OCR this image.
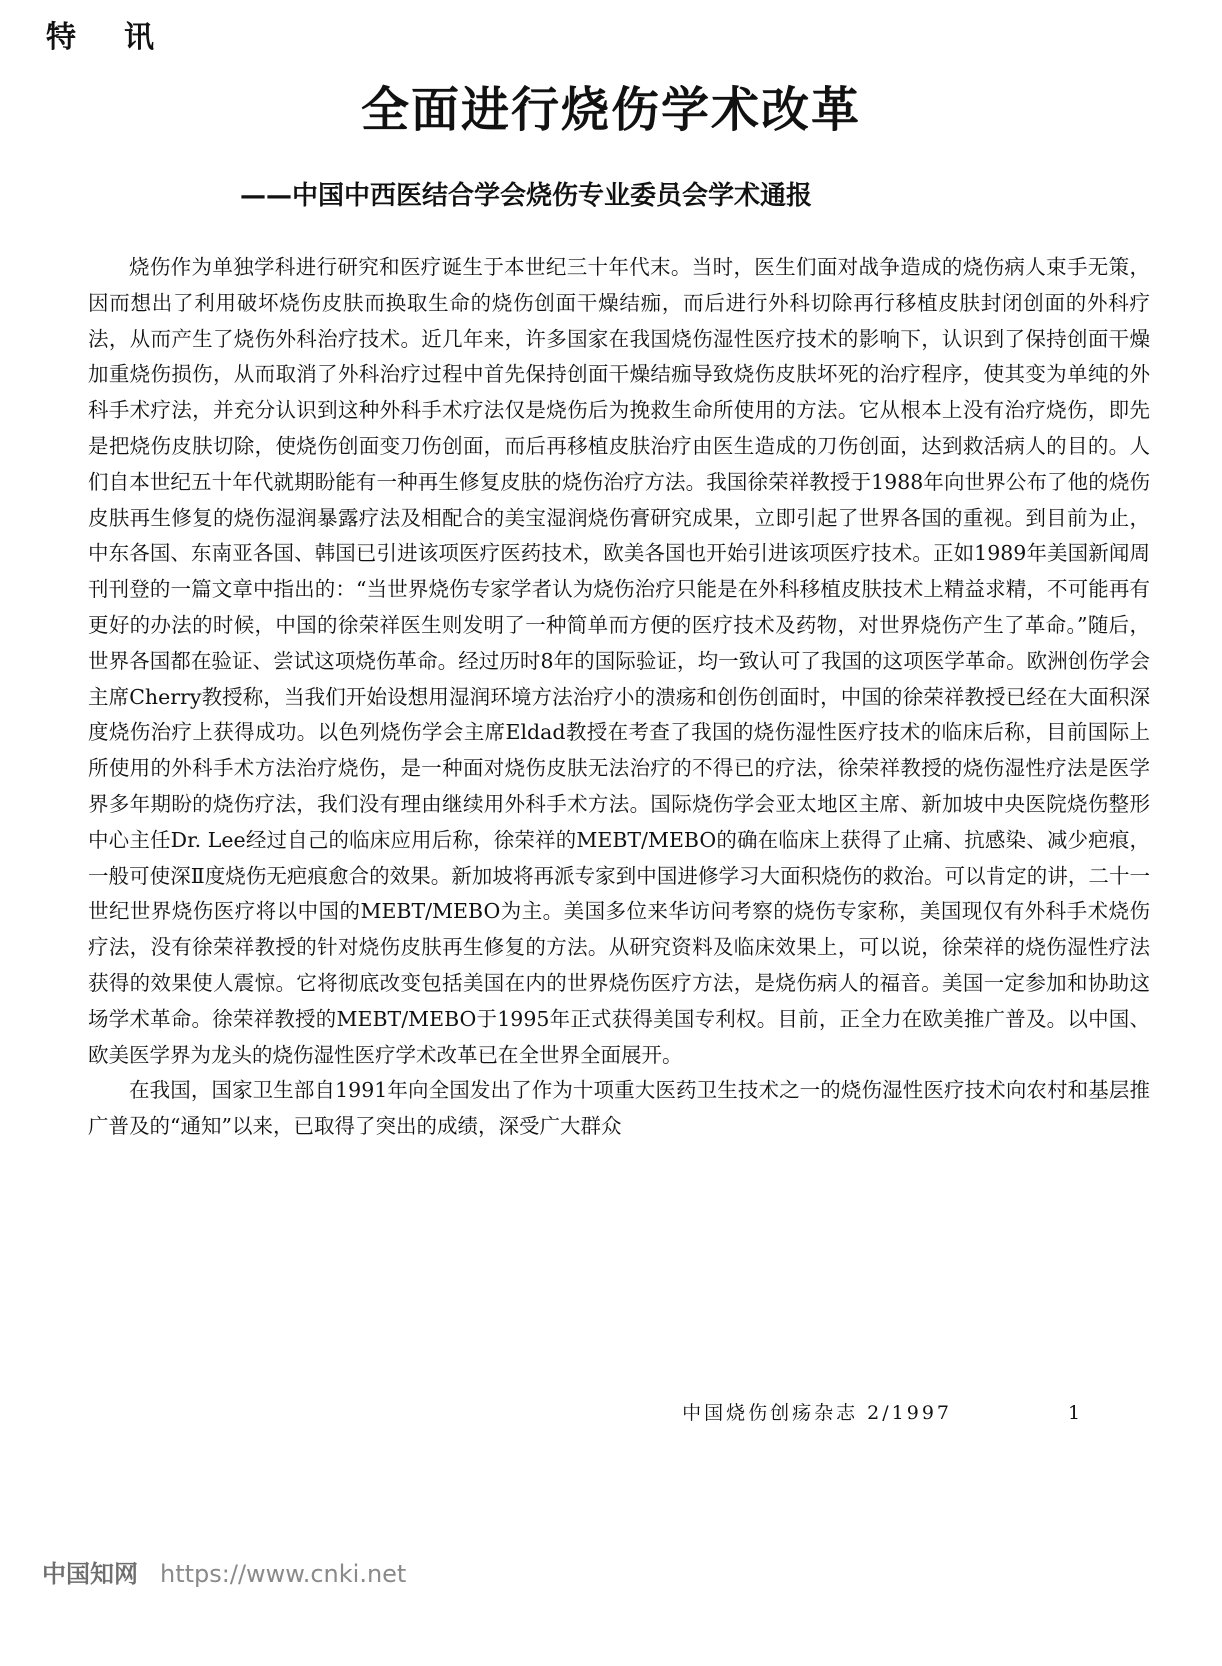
特讯
全面进行烧伤学术改革
——中国中西医结合学会烧伤专业委员会学术通报

烧伤作为单独学科进行研究和医疗诞生于本世纪三十年代末。当时，医生们面对战争造成的烧伤病人束手无策，因而想出了利用破坏烧伤皮肤而换取生命的烧伤创面干燥结痂，而后进行外科切除再行移植皮肤封闭创面的外科疗法，从而产生了烧伤外科治疗技术。近几年来，许多国家在我国烧伤湿性医疗技术的影响下，认识到了保持创面干燥加重烧伤损伤，从而取消了外科治疗过程中首先保持创面干燥结痂导致烧伤皮肤坏死的治疗程序，使其变为单纯的外科手术疗法，并充分认识到这种外科手术疗法仅是烧伤后为挽救生命所使用的方法。它从根本上没有治疗烧伤，即先是把烧伤皮肤切除，使烧伤创面变刀伤创面，而后再移植皮肤治疗由医生造成的刀伤创面，达到救活病人的目的。人们自本世纪五十年代就期盼能有一种再生修复皮肤的烧伤治疗方法。我国徐荣祥教授于1988年向世界公布了他的烧伤皮肤再生修复的烧伤湿润暴露疗法及相配合的美宝湿润烧伤膏研究成果，立即引起了世界各国的重视。到目前为止，中东各国、东南亚各国、韩国已引进该项医疗医药技术，欧美各国也开始引进该项医疗技术。正如1989年美国新闻周刊刊登的一篇文章中指出的：“当世界烧伤专家学者认为烧伤治疗只能是在外科移植皮肤技术上精益求精，不可能再有更好的办法的时候，中国的徐荣祥医生则发明了一种简单而方便的医疗技术及药物，对世界烧伤产生了革命。”随后，世界各国都在验证、尝试这项烧伤革命。经过历时8年的国际验证，均一致认可了我国的这项医学革命。欧洲创伤学会主席Cherry教授称，当我们开始设想用湿润环境方法治疗小的溃疡和创伤创面时，中国的徐荣祥教授已经在大面积深度烧伤治疗上获得成功。以色列烧伤学会主席Eldad教授在考查了我国的烧伤湿性医疗技术的临床后称，目前国际上所使用的外科手术方法治疗烧伤，是一种面对烧伤皮肤无法治疗的不得已的疗法，徐荣祥教授的烧伤湿性疗法是医学界多年期盼的烧伤疗法，我们没有理由继续用外科手术方法。国际烧伤学会亚太地区主席、新加坡中央医院烧伤整形中心主任Dr. Lee经过自己的临床应用后称，徐荣祥的MEBT/MEBO的确在临床上获得了止痛、抗感染、减少疤痕，一般可使深Ⅱ度烧伤无疤痕愈合的效果。新加坡将再派专家到中国进修学习大面积烧伤的救治。可以肯定的讲，二十一世纪世界烧伤医疗将以中国的MEBT/MEBO为主。美国多位来华访问考察的烧伤专家称，美国现仅有外科手术烧伤疗法，没有徐荣祥教授的针对烧伤皮肤再生修复的方法。从研究资料及临床效果上，可以说，徐荣祥的烧伤湿性疗法获得的效果使人震惊。它将彻底改变包括美国在内的世界烧伤医疗方法，是烧伤病人的福音。美国一定参加和协助这场学术革命。徐荣祥教授的MEBT/MEBO于1995年正式获得美国专利权。目前，正全力在欧美推广普及。以中国、欧美医学界为龙头的烧伤湿性医疗学术改革已在全世界全面展开。

在我国，国家卫生部自1991年向全国发出了作为十项重大医药卫生技术之一的烧伤湿性医疗技术向农村和基层推广普及的“通知”以来，已取得了突出的成绩，深受广大群众

中国烧伤创疡杂志 2/1997	1
中国知网 https://www.cnki.net
